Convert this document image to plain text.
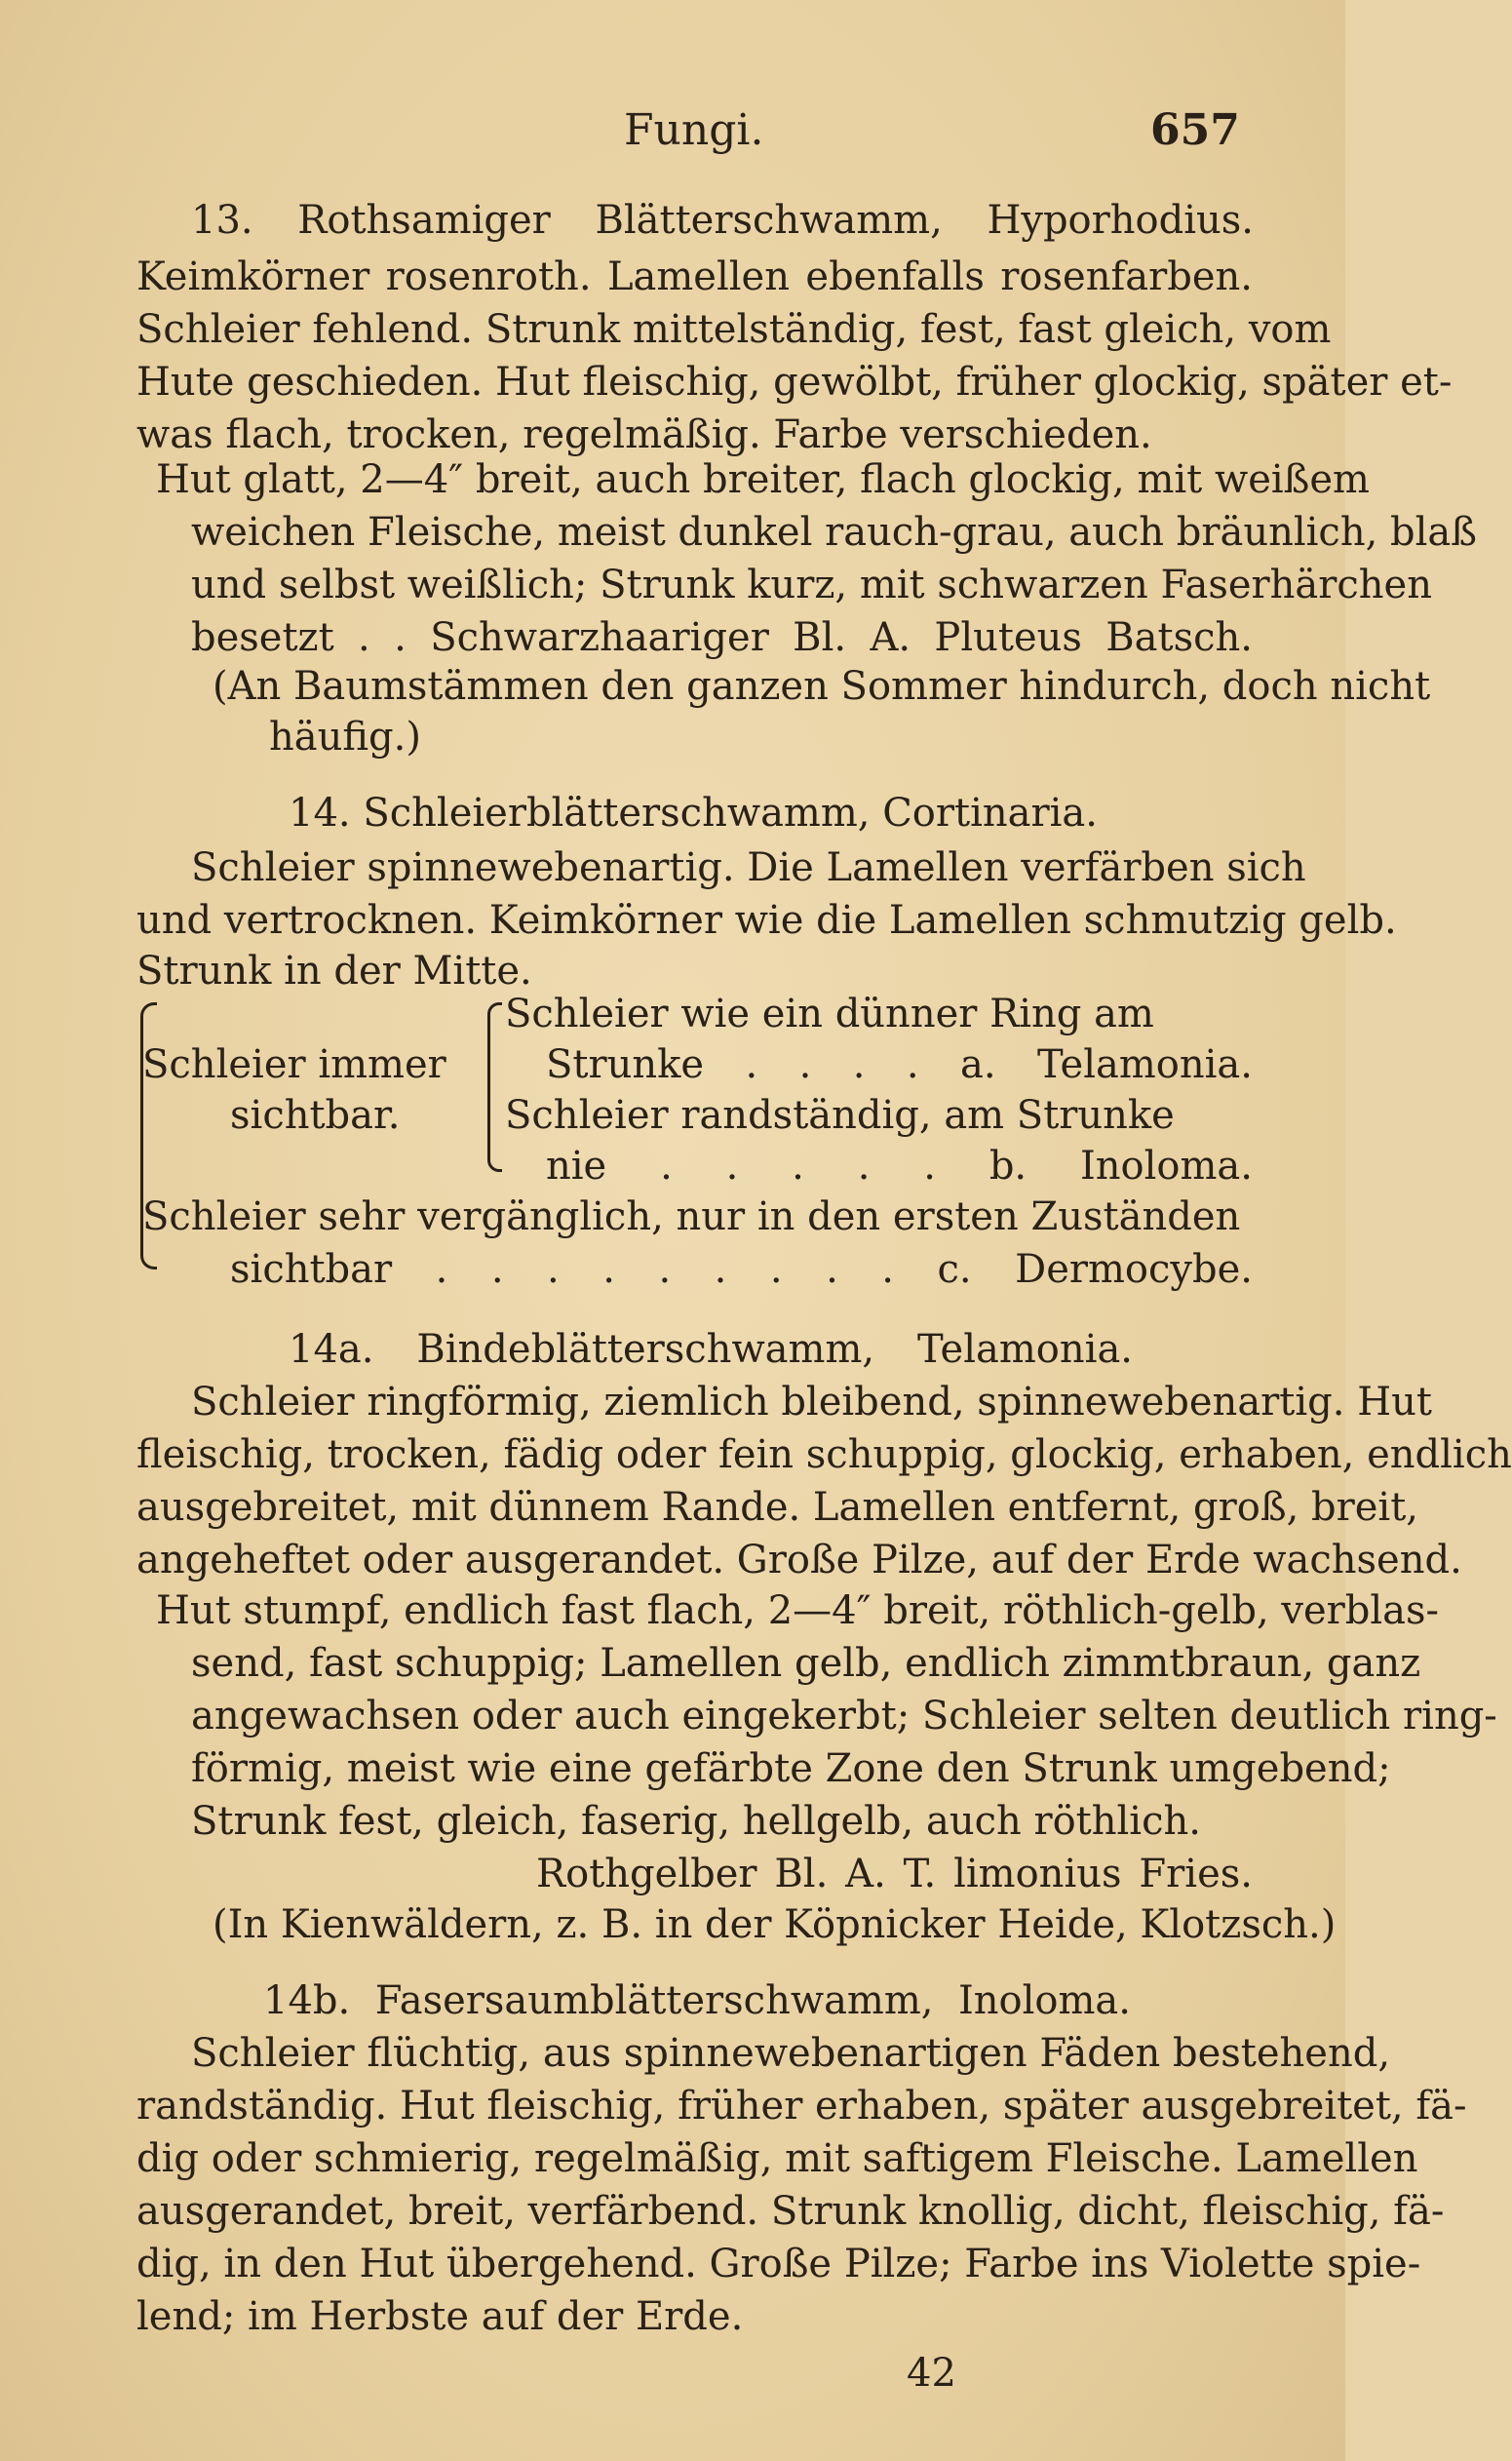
Fungi.	657
13. Rothsamiger Blätterschwamm, Hyporhodius.
Keimkörner rosenroth. Lamellen ebenfalls rosenfarben.
Schleier fehlend. Strunk mittelständig, fest, fast gleich, vom
Hute geschieden. Hut fleischig, gewölbt, früher glockig, später et-
was flach, trocken, regelmäßig. Farbe verschieden.
Hut glatt, 2—4″ breit, auch breiter, flach glockig, mit weißem
weichen Fleische, meist dunkel rauch-grau, auch bräunlich, blaß
und selbst weißlich; Strunk kurz, mit schwarzen Faserhärchen
besetzt . . Schwarzhaariger Bl. A. Pluteus Batsch.
(An Baumstämmen den ganzen Sommer hindurch, doch nicht
häufig.)
14. Schleierblätterschwamm, Cortinaria.
Schleier spinnewebenartig. Die Lamellen verfärben sich
und vertrocknen. Keimkörner wie die Lamellen schmutzig gelb.
Strunk in der Mitte.
Schleier immer
sichtbar.
Schleier wie ein dünner Ring am
Strunke . . . . a. Telamonia.
Schleier randständig, am Strunke
nie . . . . . b. Inoloma.
Schleier sehr vergänglich, nur in den ersten Zuständen
sichtbar . . . . . . . . . c. Dermocybe.
14a. Bindeblätterschwamm, Telamonia.
Schleier ringförmig, ziemlich bleibend, spinnewebenartig. Hut
fleischig, trocken, fädig oder fein schuppig, glockig, erhaben, endlich
ausgebreitet, mit dünnem Rande. Lamellen entfernt, groß, breit,
angeheftet oder ausgerandet. Große Pilze, auf der Erde wachsend.
Hut stumpf, endlich fast flach, 2—4″ breit, röthlich-gelb, verblas-
send, fast schuppig; Lamellen gelb, endlich zimmtbraun, ganz
angewachsen oder auch eingekerbt; Schleier selten deutlich ring-
förmig, meist wie eine gefärbte Zone den Strunk umgebend;
Strunk fest, gleich, faserig, hellgelb, auch röthlich.
Rothgelber Bl. A. T. limonius Fries.
(In Kienwäldern, z. B. in der Köpnicker Heide, Klotzsch.)
14b. Fasersaumblätterschwamm, Inoloma.
Schleier flüchtig, aus spinnewebenartigen Fäden bestehend,
randständig. Hut fleischig, früher erhaben, später ausgebreitet, fä-
dig oder schmierig, regelmäßig, mit saftigem Fleische. Lamellen
ausgerandet, breit, verfärbend. Strunk knollig, dicht, fleischig, fä-
dig, in den Hut übergehend. Große Pilze; Farbe ins Violette spie-
lend; im Herbste auf der Erde.
42
